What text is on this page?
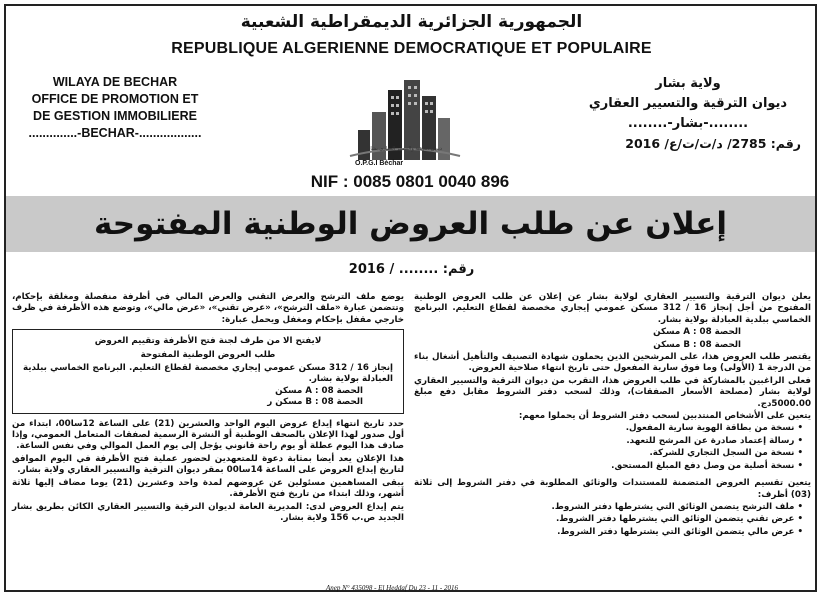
الجمهورية الجزائرية الديمقراطية الشعبية
REPUBLIQUE ALGERIENNE DEMOCRATIQUE ET POPULAIRE
WILAYA DE BECHAR
OFFICE DE PROMOTION ET
DE GESTION IMMOBILIERE
..............-BECHAR-..................
ولاية بشار
ديوان الترقية والتسيير العقاري
........-بشار-........
رقم: 2785/ د/ت/ت/ع/ 2016
ديوان الترقية والتسيير العقاري بشار
O.P.G.I Béchar
NIF : 0085 0801 0040 896
إعلان عن طلب العروض الوطنية المفتوحة
رقم: ........ / 2016

يعلن ديوان الترقية والتسيير العقاري لولاية بشار عن إعلان عن طلب العروض الوطنية المفتوح من أجل إنجاز 16 / 312 مسكن عمومي إيجاري مخصصة لقطاع التعليم. البرنامج الخماسي ببلدية العبادلة بولاية بشار.

الحصة A : 08 مسكن

الحصة B : 08 مسكن

يقتصر طلب العروض هذا، على المرشحين الذين يحملون شهادة التصنيف والتأهيل أشغال بناء من الدرجة 1 (الأولى) وما فوق سارية المفعول حتى تاريخ انتهاء صلاحية العروض.

فعلى الراغبين بالمشاركة في طلب العروض هذا، التقرب من ديوان الترقية والتسيير العقاري لولاية بشار (مصلحة الأسعار الصفقات)، وذلك لسحب دفتر الشروط مقابل دفع مبلغ 5000.00دج.

يتعين على الأشخاص المنتدبين لسحب دفتر الشروط أن يحملوا معهم:

• نسخة من بطاقة الهوية سارية المفعول.

• رسالة إعتماد صادرة عن المرشح للتعهد.

• نسخة من السجل التجاري للشركة.

• نسخة أصلية من وصل دفع المبلغ المستحق.

يتعين تقسيم العروض المتضمنة للمستندات والوثائق المطلوبة في دفتر الشروط إلى ثلاثة (03) أظرف:

• ملف الترشح يتضمن الوثائق التي يشترطها دفتر الشروط.

• عرض تقني يتضمن الوثائق التي يشترطها دفتر الشروط.

• عرض مالي يتضمن الوثائق التي يشترطها دفتر الشروط.

يوضع ملف الترشح والعرض التقني والعرض المالي في أظرفة منفصلة ومغلقة بإحكام، وتتضمن عبارة «ملف الترشح»، «عرض تقني»، «عرض مالي»، وتوضع هذه الأظرفة في ظرف خارجي مقفل بإحكام ومغفل ويحمل عبارة:

لايفتح الا من طرف لجنة فتح الأظرفة وتقييم العروض
طلب العروض الوطنية المفتوحة
إنجاز 16 / 312 مسكن عمومي إيجاري مخصصة لقطاع التعليم. البرنامج الخماسي ببلدية العبادلة بولاية بشار.
الحصة A : 08 مسكن
الحصة B : 08 مسكن ر

حدد تاريخ انتهاء إيداع عروض اليوم الواحد والعشرين (21) على الساعة 12سا00، ابتداء من أول صدور لهذا الإعلان بالصحف الوطنية أو النشرة الرسمية لصفقات المتعامل العمومي، وإذا صادف هذا اليوم عطلة أو يوم راحة قانوني يؤجل إلى يوم العمل الموالي وفي نفس الساعة.

هذا الإعلان يعد أيضا بمثابة دعوة للمتعهدين لحضور عملية فتح الأظرفة في اليوم الموافق لتاريخ إيداع العروض على الساعة 14سا00 بمقر ديوان الترقية والتسيير العقاري ولاية بشار.

يبقى المساهمين مسئولين عن عروضهم لمدة واحد وعشرين (21) يوما مضاف إليها ثلاثة أشهر، وذلك ابتداء من تاريخ فتح الأظرفة.

يتم إيداع العروض لدى: المديرية العامة لديوان الترقية والتسيير العقاري الكائن بطريق بشار الجديد ص.ب 156 ولاية بشار.

Anep N° 435098 - El Heddaf Du 23 - 11 - 2016
